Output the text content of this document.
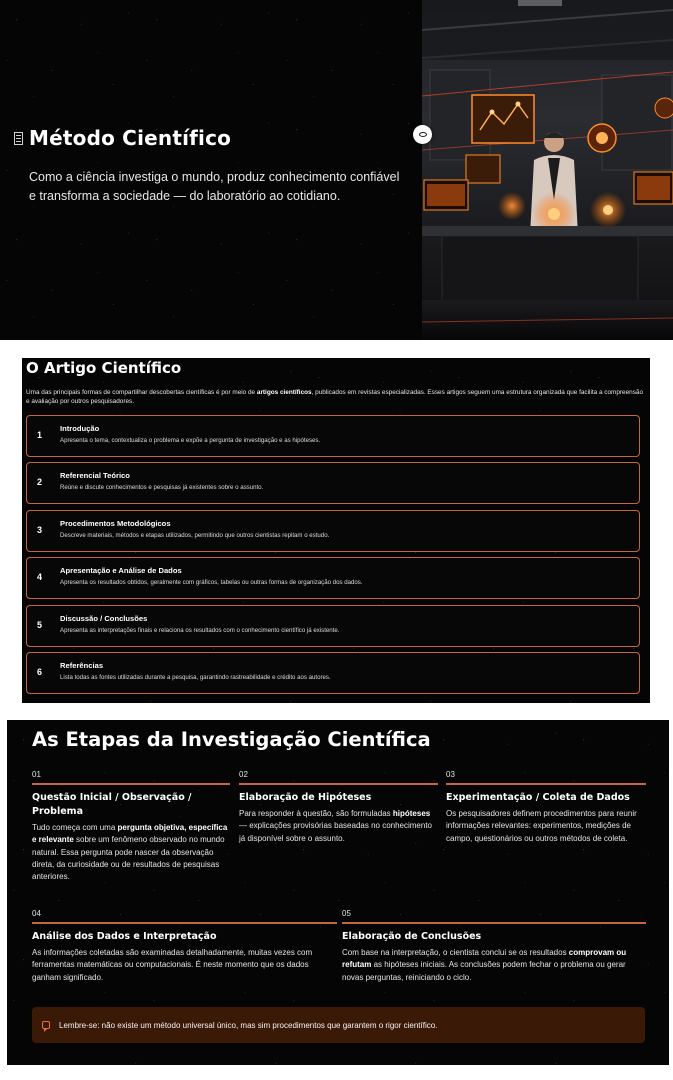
Método Científico

Como a ciência investiga o mundo, produz conhecimento confiável e transforma a sociedade — do laboratório ao cotidiano.

O Artigo Científico

Uma das principais formas de compartilhar descobertas científicas é por meio de artigos científicos, publicados em revistas especializadas. Esses artigos seguem uma estrutura organizada que facilita a compreensão e avaliação por outros pesquisadores.

1
Introdução
Apresenta o tema, contextualiza o problema e expõe a pergunta de investigação e as hipóteses.
2
Referencial Teórico
Reúne e discute conhecimentos e pesquisas já existentes sobre o assunto.
3
Procedimentos Metodológicos
Descreve materiais, métodos e etapas utilizados, permitindo que outros cientistas repitam o estudo.
4
Apresentação e Análise de Dados
Apresenta os resultados obtidos, geralmente com gráficos, tabelas ou outras formas de organização dos dados.
5
Discussão / Conclusões
Apresenta as interpretações finais e relaciona os resultados com o conhecimento científico já existente.
6
Referências
Lista todas as fontes utilizadas durante a pesquisa, garantindo rastreabilidade e crédito aos autores.
As Etapas da Investigação Científica
01
Questão Inicial / Observação / Problema
Tudo começa com uma pergunta objetiva, específica e relevante sobre um fenômeno observado no mundo natural. Essa pergunta pode nascer da observação direta, da curiosidade ou de resultados de pesquisas anteriores.
02
Elaboração de Hipóteses
Para responder à questão, são formuladas hipóteses — explicações provisórias baseadas no conhecimento já disponível sobre o assunto.
03
Experimentação / Coleta de Dados
Os pesquisadores definem procedimentos para reunir informações relevantes: experimentos, medições de campo, questionários ou outros métodos de coleta.
04
Análise dos Dados e Interpretação
As informações coletadas são examinadas detalhadamente, muitas vezes com ferramentas matemáticas ou computacionais. É neste momento que os dados ganham significado.
05
Elaboração de Conclusões
Com base na interpretação, o cientista conclui se os resultados comprovam ou refutam as hipóteses iniciais. As conclusões podem fechar o problema ou gerar novas perguntas, reiniciando o ciclo.
Lembre-se: não existe um método universal único, mas sim procedimentos que garantem o rigor científico.
